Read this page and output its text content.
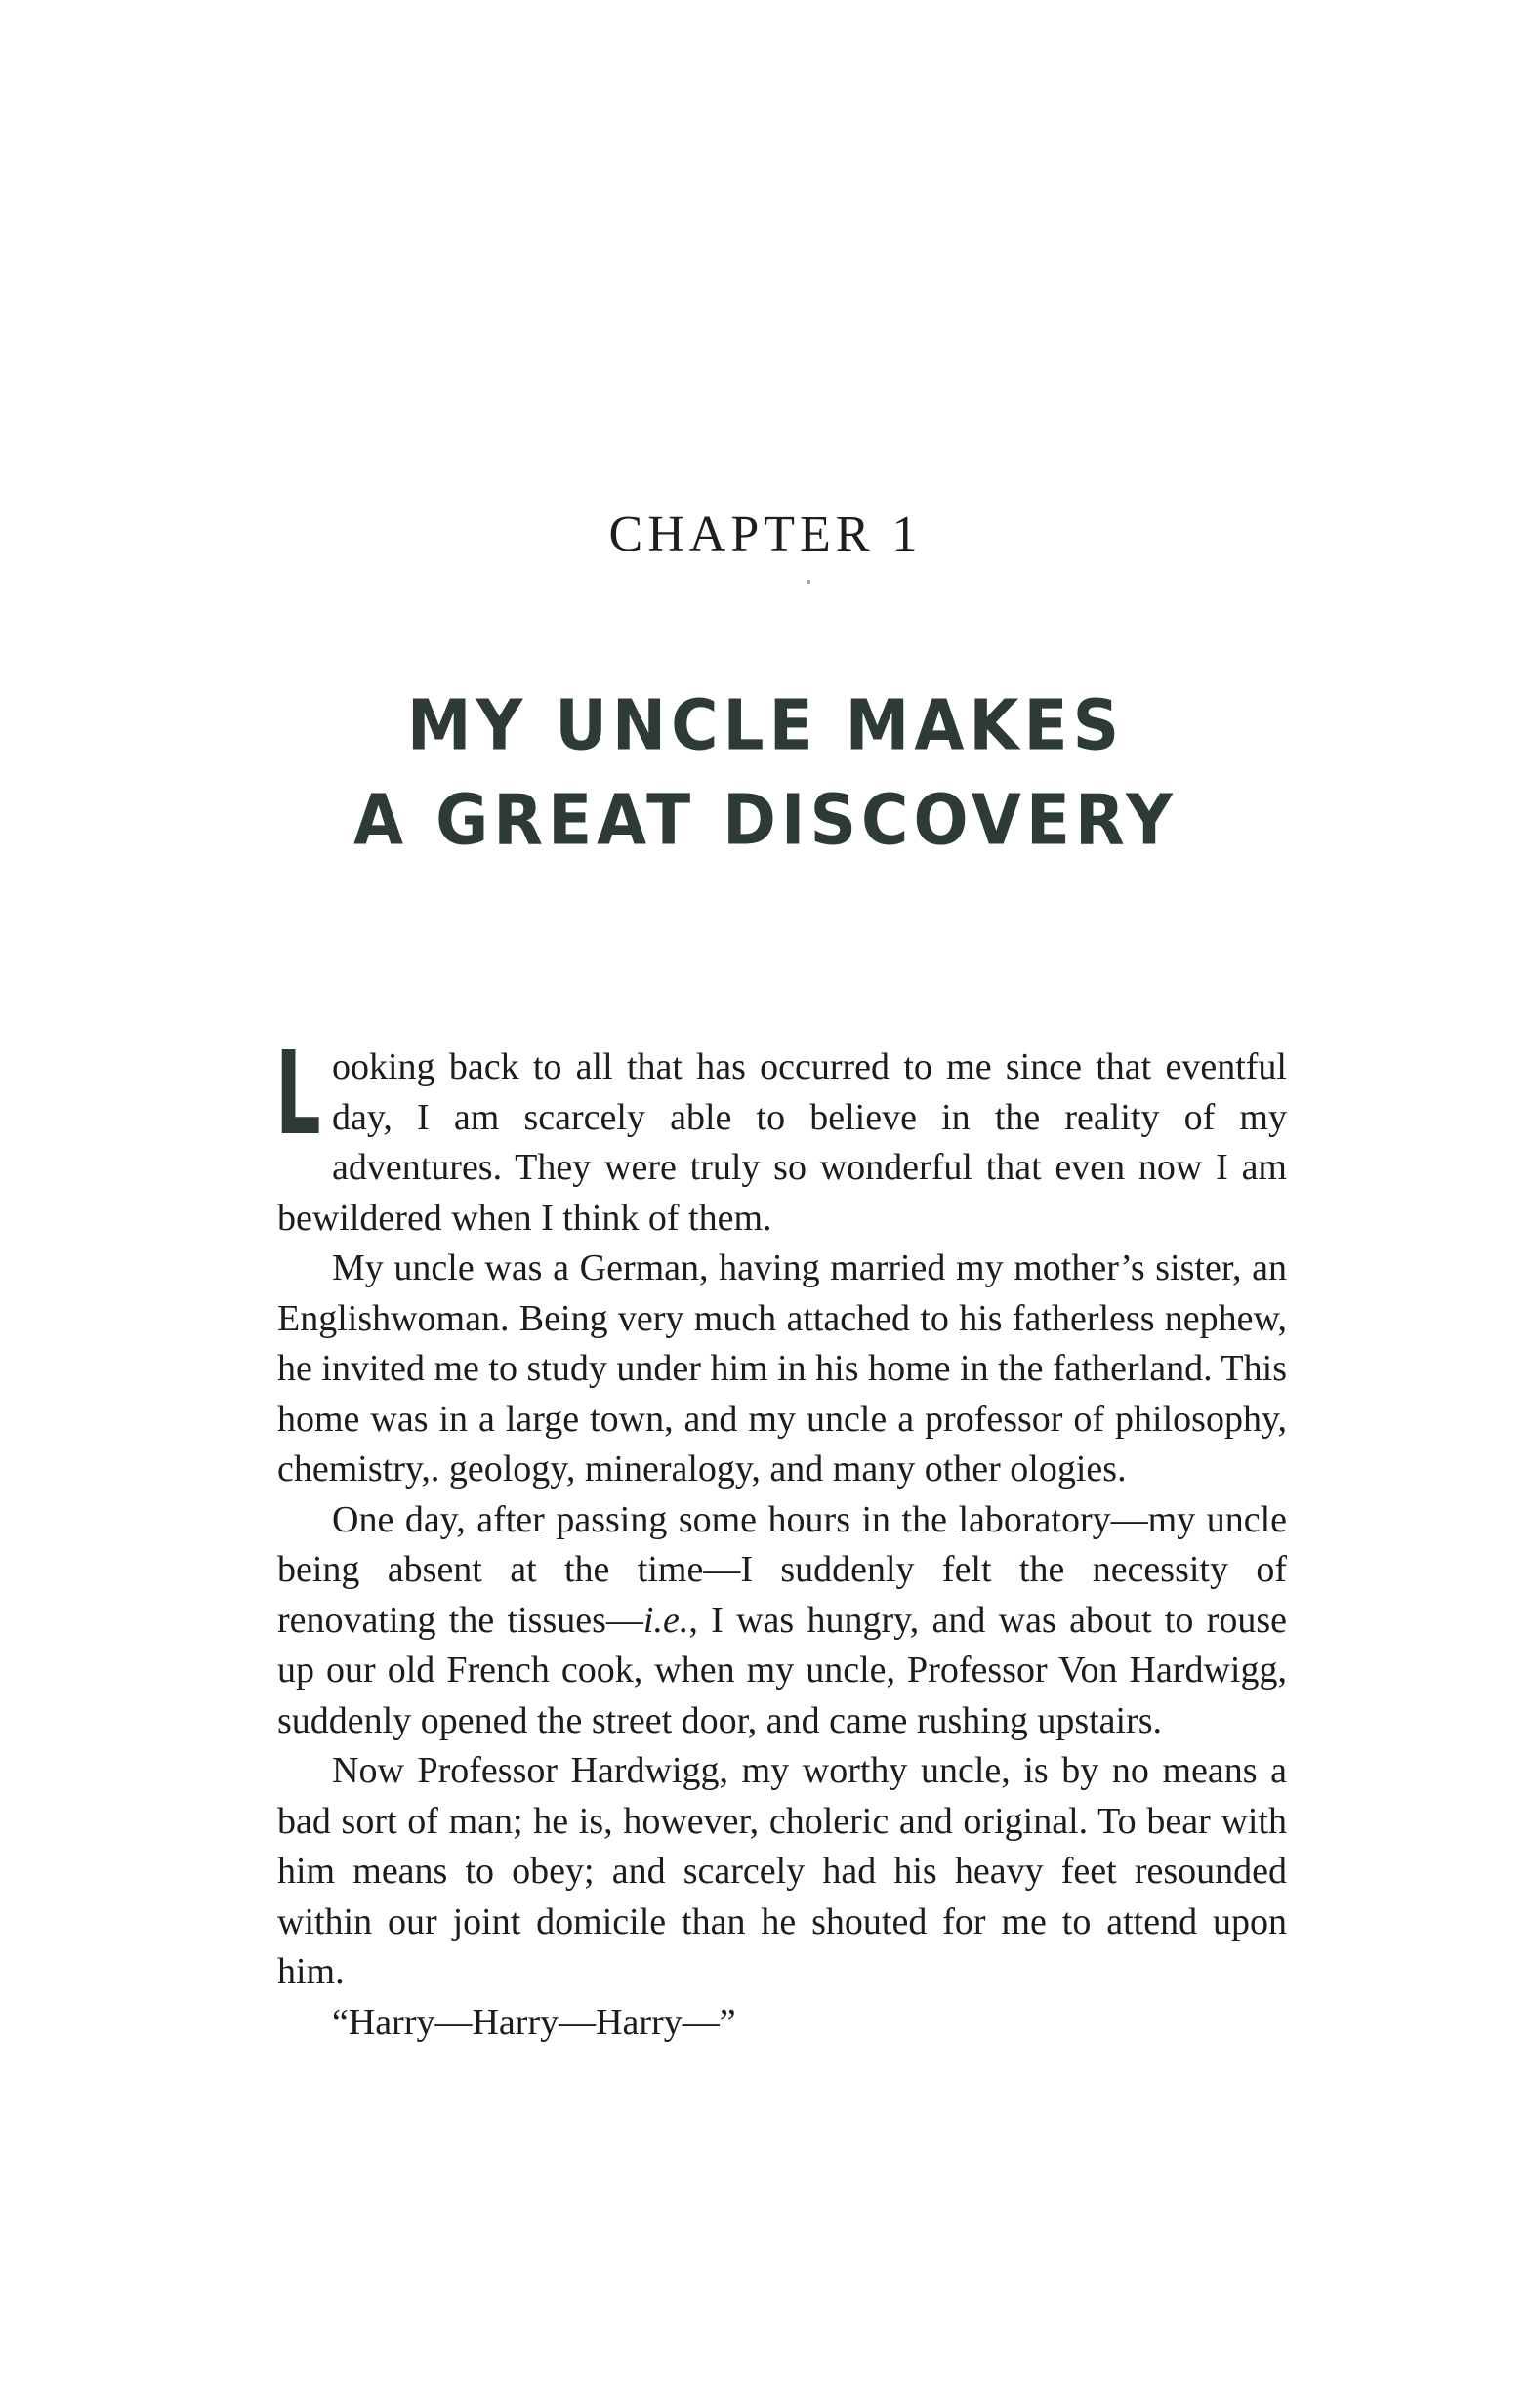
CHAPTER 1
MY UNCLE MAKES
A GREAT DISCOVERY

Looking back to all that has occurred to me since that eventful day, I am scarcely able to believe in the reality of my adventures. They were truly so wonderful that even now I am bewildered when I think of them.

My uncle was a German, having married my mother’s sister, an Englishwoman. Being very much attached to his fatherless nephew, he invited me to study under him in his home in the fatherland. This home was in a large town, and my uncle a professor of philosophy, chemistry,. geology, mineralogy, and many other ologies.

One day, after passing some hours in the laboratory—my uncle being absent at the time—I suddenly felt the necessity of renovating the tissues—i.e., I was hungry, and was about to rouse up our old French cook, when my uncle, Professor Von Hardwigg, suddenly opened the street door, and came rushing upstairs.

Now Professor Hardwigg, my worthy uncle, is by no means a bad sort of man; he is, however, choleric and original. To bear with him means to obey; and scarcely had his heavy feet resounded within our joint domicile than he shouted for me to attend upon him.

“Harry—Harry—Harry—”
